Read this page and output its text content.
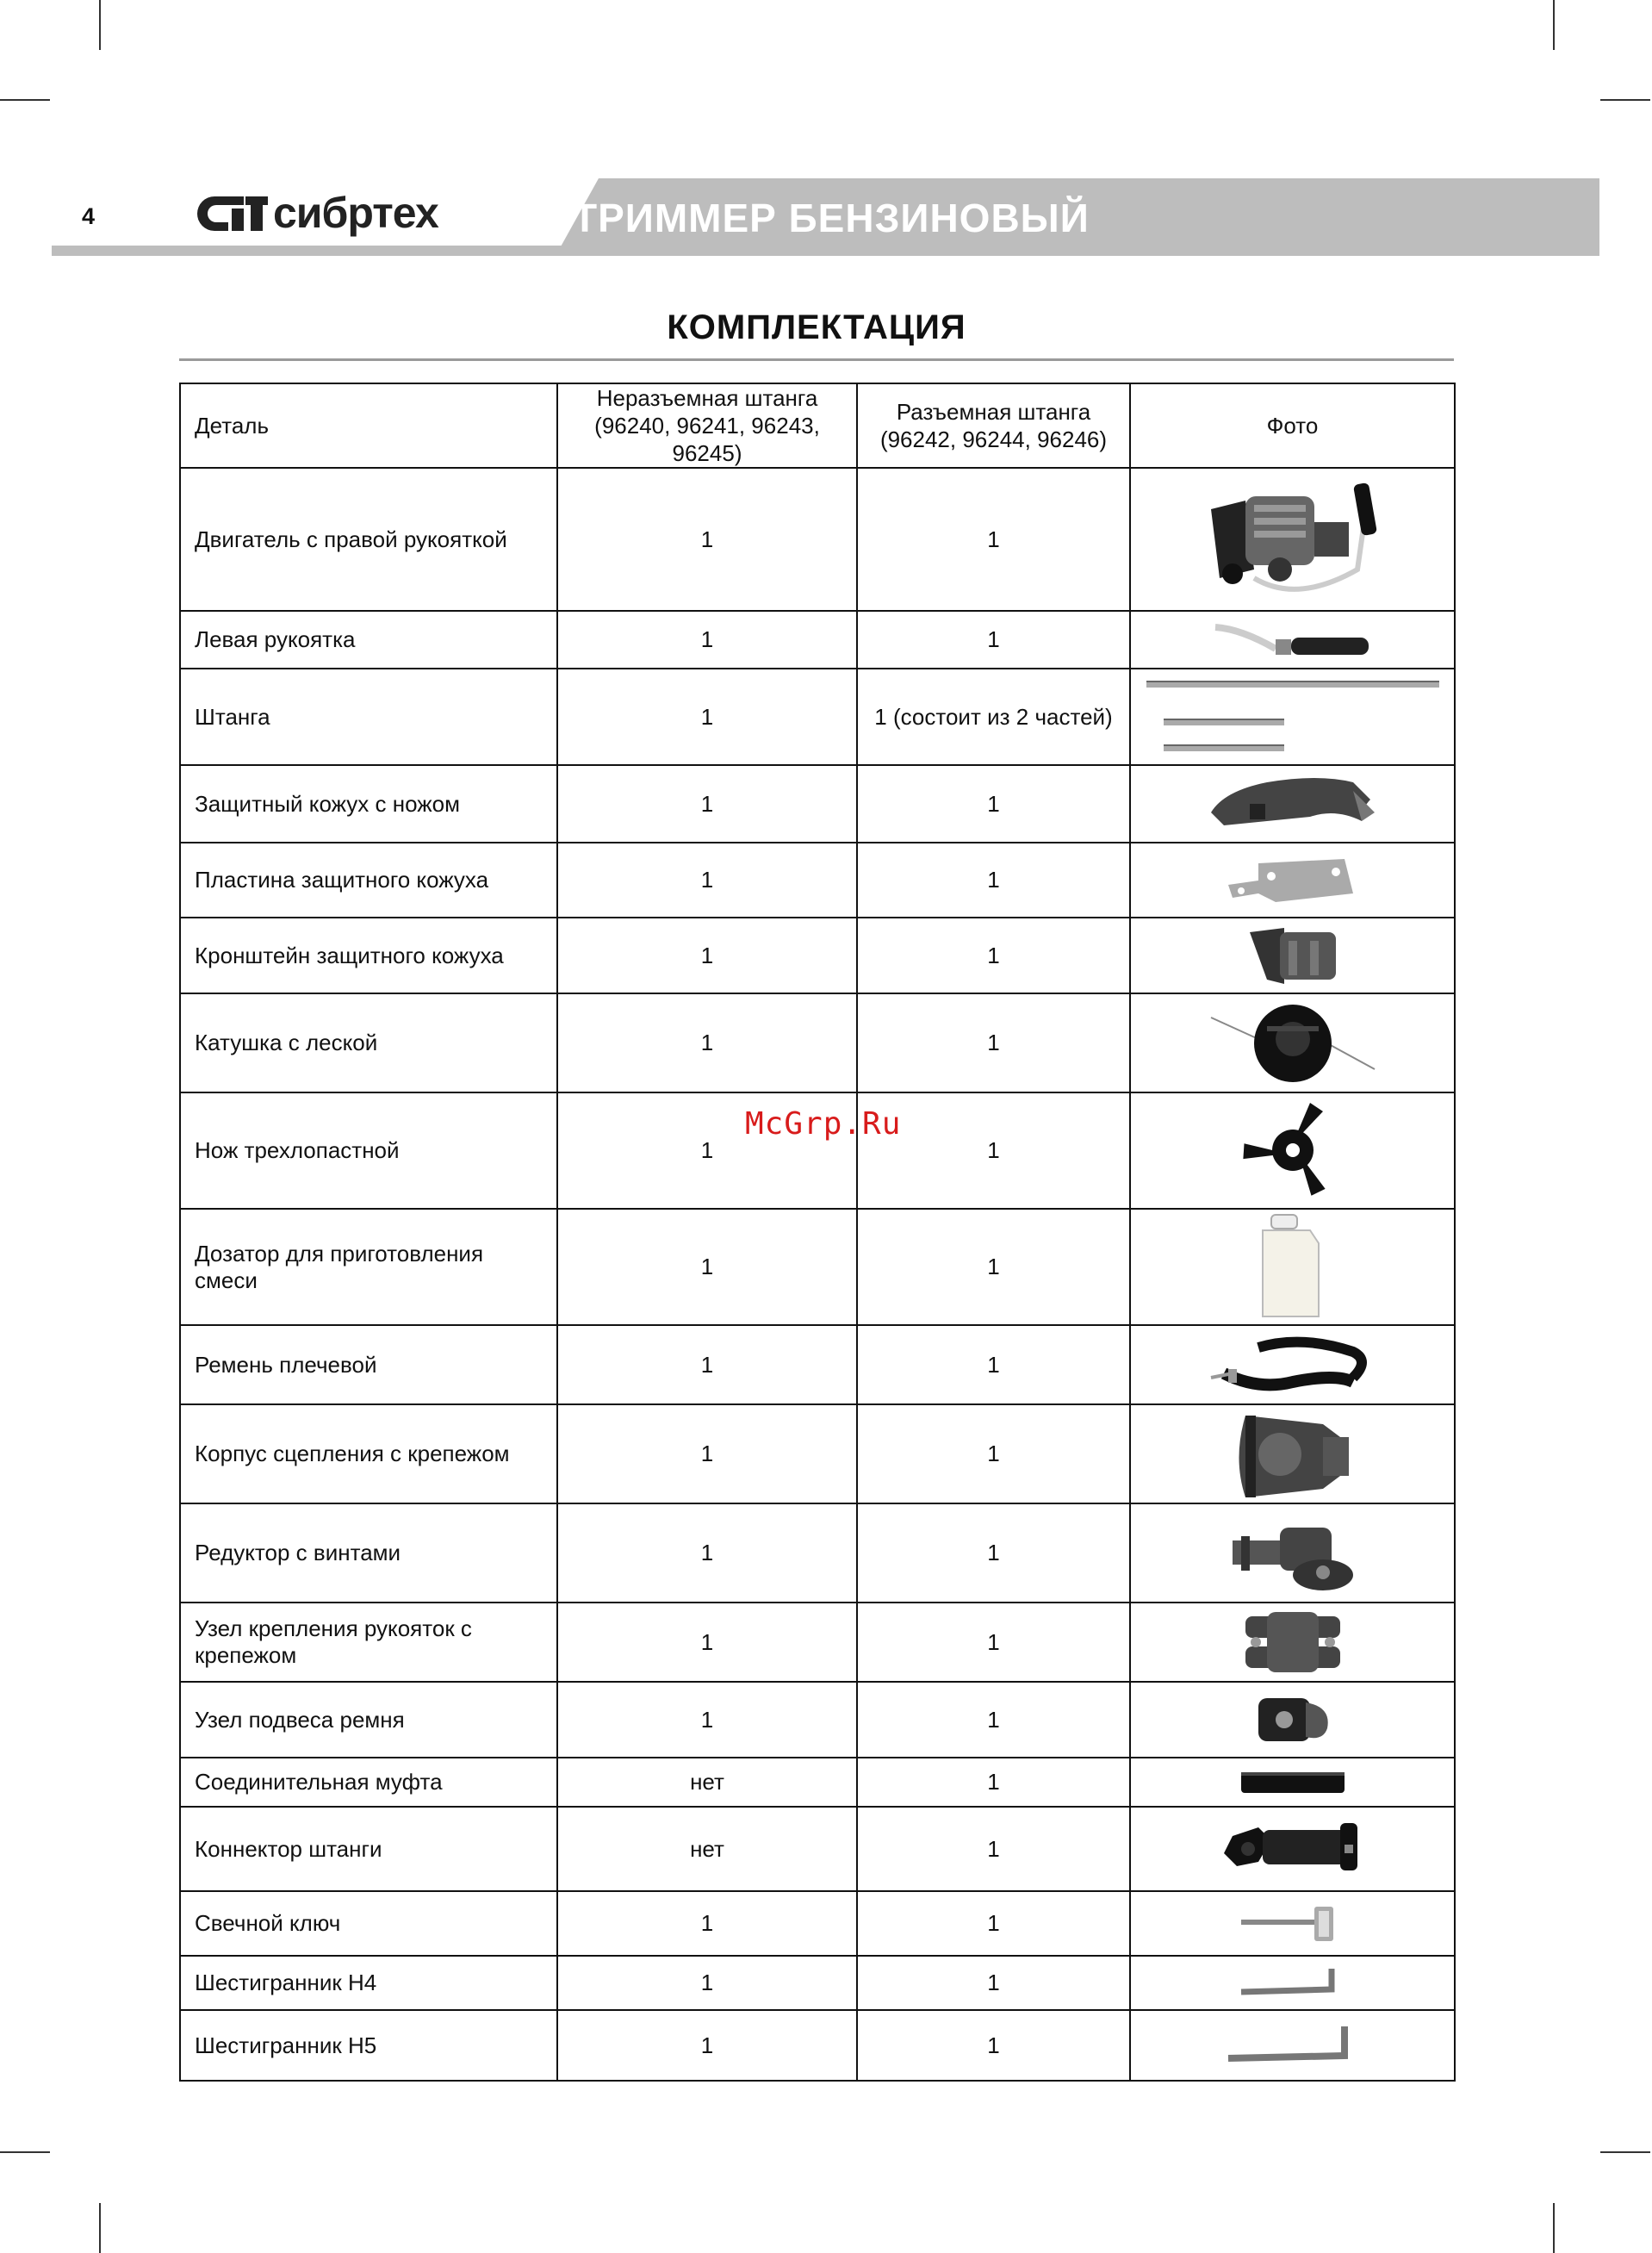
4	сибртех	ТРИММЕР БЕНЗИНОВЫЙ
КОМПЛЕКТАЦИЯ
Деталь	Неразъемная штанга (96240, 96241, 96243, 96245)	Разъемная штанга (96242, 96244, 96246)	Фото
Двигатель с правой рукояткой	1	1	

Левая рукоятка	1	1	

Штанга	1	1 (состоит из 2 частей)	

Защитный кожух с ножом	1	1	

Пластина защитного кожуха	1	1	

Кронштейн защитного кожуха	1	1	

Катушка с леской	1	1	

Нож трехлопастной	1	1	

Дозатор для приготовления смеси	1	1	

Ремень плечевой	1	1	

Корпус сцепления с крепежом	1	1	

Редуктор с винтами	1	1	

Узел крепления рукояток с крепежом	1	1	

Узел подвеса ремня	1	1	

Соединительная муфта	нет	1	

Коннектор штанги	нет	1	

Свечной ключ	1	1	

Шестигранник H4	1	1	

Шестигранник H5	1	1	
McGrp.Ru
